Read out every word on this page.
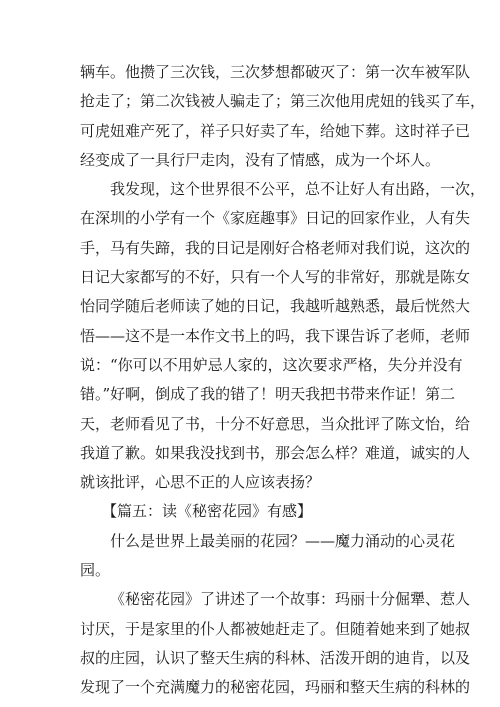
辆车。他攒了三次钱，三次梦想都破灭了：第一次车被军队
抢走了；第二次钱被人骗走了；第三次他用虎妞的钱买了车，
可虎妞难产死了，祥子只好卖了车，给她下葬。这时祥子已
经变成了一具行尸走肉，没有了情感，成为一个坏人。
我发现，这个世界很不公平，总不让好人有出路，一次，
在深圳的小学有一个《家庭趣事》日记的回家作业，人有失
手，马有失蹄，我的日记是刚好合格老师对我们说，这次的
日记大家都写的不好，只有一个人写的非常好，那就是陈女
怡同学随后老师读了她的日记，我越听越熟悉，最后恍然大
悟——这不是一本作文书上的吗，我下课告诉了老师，老师
说：“你可以不用妒忌人家的，这次要求严格，失分并没有
错。”好啊，倒成了我的错了！明天我把书带来作证！第二
天，老师看见了书，十分不好意思，当众批评了陈文怡，给
我道了歉。如果我没找到书，那会怎么样？难道，诚实的人
就该批评，心思不正的人应该表扬？
【篇五：读《秘密花园》有感】
什么是世界上最美丽的花园？——魔力涌动的心灵花
园。
《秘密花园》了讲述了一个故事：玛丽十分倔犟、惹人
讨厌，于是家里的仆人都被她赶走了。但随着她来到了她叔
叔的庄园，认识了整天生病的科林、活泼开朗的迪肯，以及
发现了一个充满魔力的秘密花园，玛丽和整天生病的科林的
